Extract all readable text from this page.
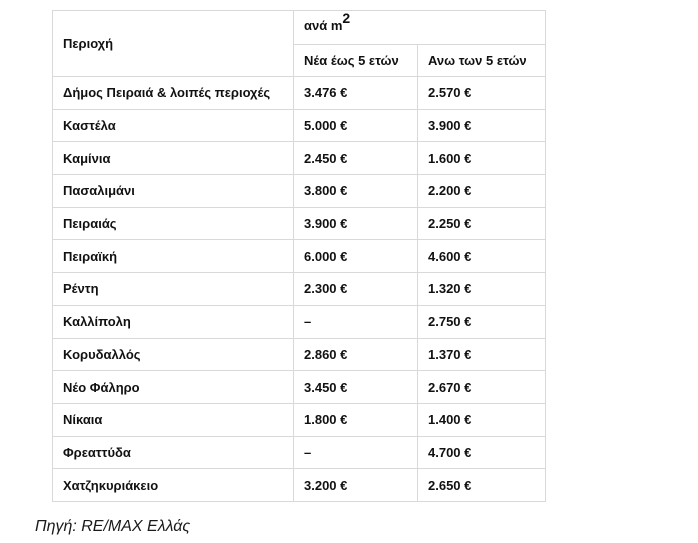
Περιοχή	ανά $m^2$
	Νέα έως 5 ετών	Ανω των 5 ετών
Δήμος Πειραιά & λοιπές περιοχές	3.476 €	2.570 €
Καστέλα	5.000 €	3.900 €
Καμίνια	2.450 €	1.600 €
Πασαλιμάνι	3.800 €	2.200 €
Πειραιάς	3.900 €	2.250 €
Πειραϊκή	6.000 €	4.600 €
Ρέντη	2.300 €	1.320 €
Καλλίπολη	–	2.750 €
Κορυδαλλός	2.860 €	1.370 €
Νέο Φάληρο	3.450 €	2.670 €
Νίκαια	1.800 €	1.400 €
Φρεαττύδα	–	4.700 €
Χατζηκυριάκειο	3.200 €	2.650 €
Πηγή: RE/MAX Ελλάς
